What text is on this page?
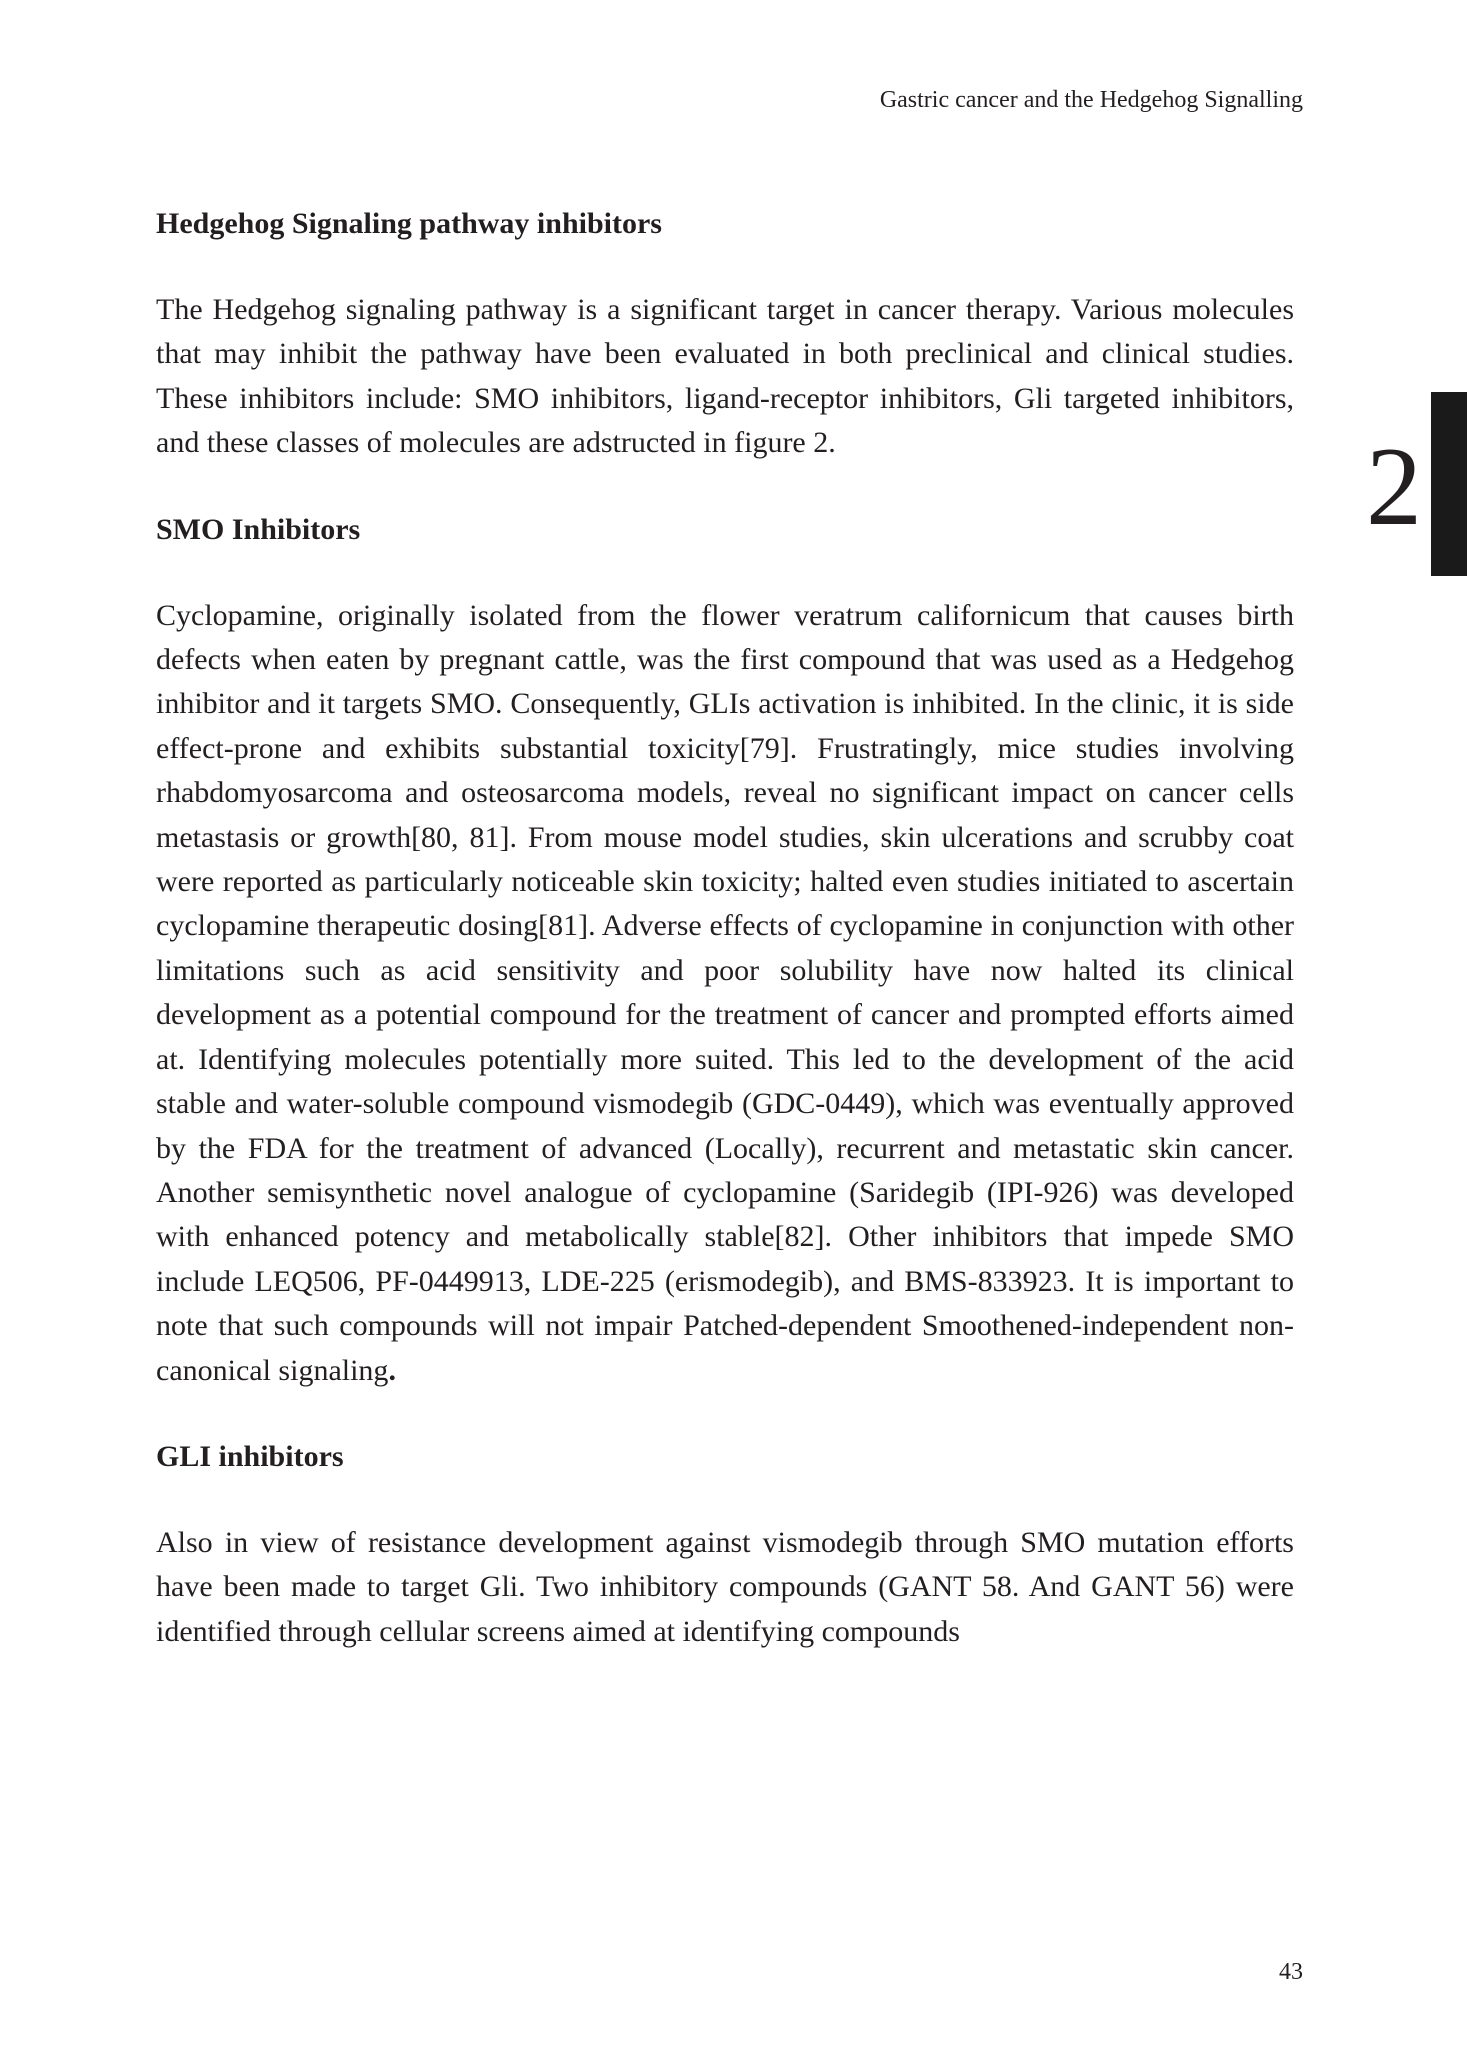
Gastric cancer and the Hedgehog Signalling
2
Hedgehog Signaling pathway inhibitors

The Hedgehog signaling pathway is a significant target in cancer therapy. Various molecules that may inhibit the pathway have been evaluated in both preclinical and clinical studies. These inhibitors include: SMO inhibitors, ligand-receptor inhibitors, Gli targeted inhibitors, and these classes of molecules are adstructed in figure 2.

SMO Inhibitors

Cyclopamine, originally isolated from the flower veratrum californicum that causes birth defects when eaten by pregnant cattle, was the first compound that was used as a Hedgehog inhibitor and it targets SMO. Consequently, GLIs activation is inhibited. In the clinic, it is side effect-prone and exhibits substantial toxicity[79]. Frustratingly, mice studies involving rhabdomyosarcoma and osteosarcoma models, reveal no significant impact on cancer cells metastasis or growth[80, 81]. From mouse model studies, skin ulcerations and scrubby coat were reported as particularly noticeable skin toxicity; halted even studies initiated to ascertain cyclopamine therapeutic dosing[81]. Adverse effects of cyclopamine in conjunction with other limitations such as acid sensitivity and poor solubility have now halted its clinical development as a potential compound for the treatment of cancer and prompted efforts aimed at. Identifying molecules potentially more suited. This led to the development of the acid stable and water-soluble compound vismodegib (GDC-0449), which was eventually approved by the FDA for the treatment of advanced (Locally), recurrent and metastatic skin cancer. Another semisynthetic novel analogue of cyclopamine (Saridegib (IPI-926) was developed with enhanced potency and metabolically stable[82]. Other inhibitors that impede SMO include LEQ506, PF-0449913, LDE-225 (erismodegib), and BMS-833923. It is important to note that such compounds will not impair Patched-dependent Smoothened-independent non-canonical signaling.

GLI inhibitors

Also in view of resistance development against vismodegib through SMO mutation efforts have been made to target Gli. Two inhibitory compounds (GANT 58. And GANT 56) were identified through cellular screens aimed at identifying compounds

43
